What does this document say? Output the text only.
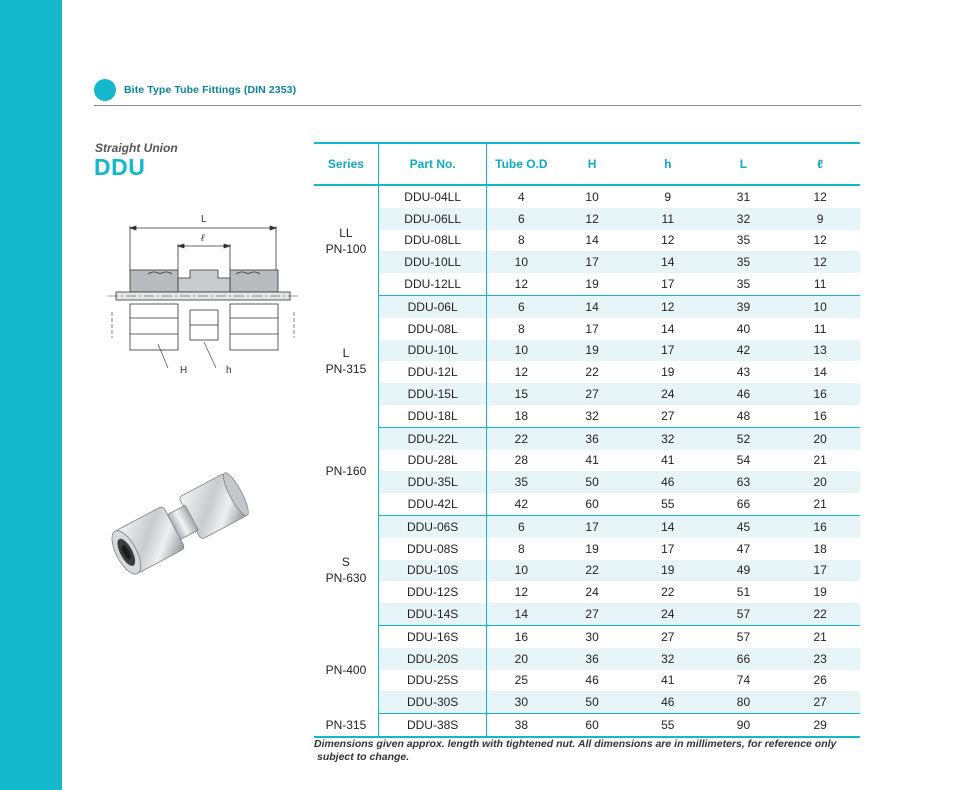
Bite Type Tube Fittings (DIN 2353)
Straight Union
DDU
L
ℓ
H	h
Series	Part No.	Tube O.D	H	h	L	ℓ

LL
PN-100	DDU-04LL	4	10	9	31	12
	DDU-06LL	6	12	11	32	9
	DDU-08LL	8	14	12	35	12
	DDU-10LL	10	17	14	35	12
	DDU-12LL	12	19	17	35	11

L
PN-315	DDU-06L	6	14	12	39	10
	DDU-08L	8	17	14	40	11
	DDU-10L	10	19	17	42	13
	DDU-12L	12	22	19	43	14
	DDU-15L	15	27	24	46	16
	DDU-18L	18	32	27	48	16

PN-160	DDU-22L	22	36	32	52	20
	DDU-28L	28	41	41	54	21
	DDU-35L	35	50	46	63	20
	DDU-42L	42	60	55	66	21

S
PN-630	DDU-06S	6	17	14	45	16
	DDU-08S	8	19	17	47	18
	DDU-10S	10	22	19	49	17
	DDU-12S	12	24	22	51	19
	DDU-14S	14	27	24	57	22

PN-400	DDU-16S	16	30	27	57	21
	DDU-20S	20	36	32	66	23
	DDU-25S	25	46	41	74	26
	DDU-30S	30	50	46	80	27

PN-315	DDU-38S	38	60	55	90	29
Dimensions given approx. length with tightened nut. All dimensions are in millimeters, for reference only
subject to change.
